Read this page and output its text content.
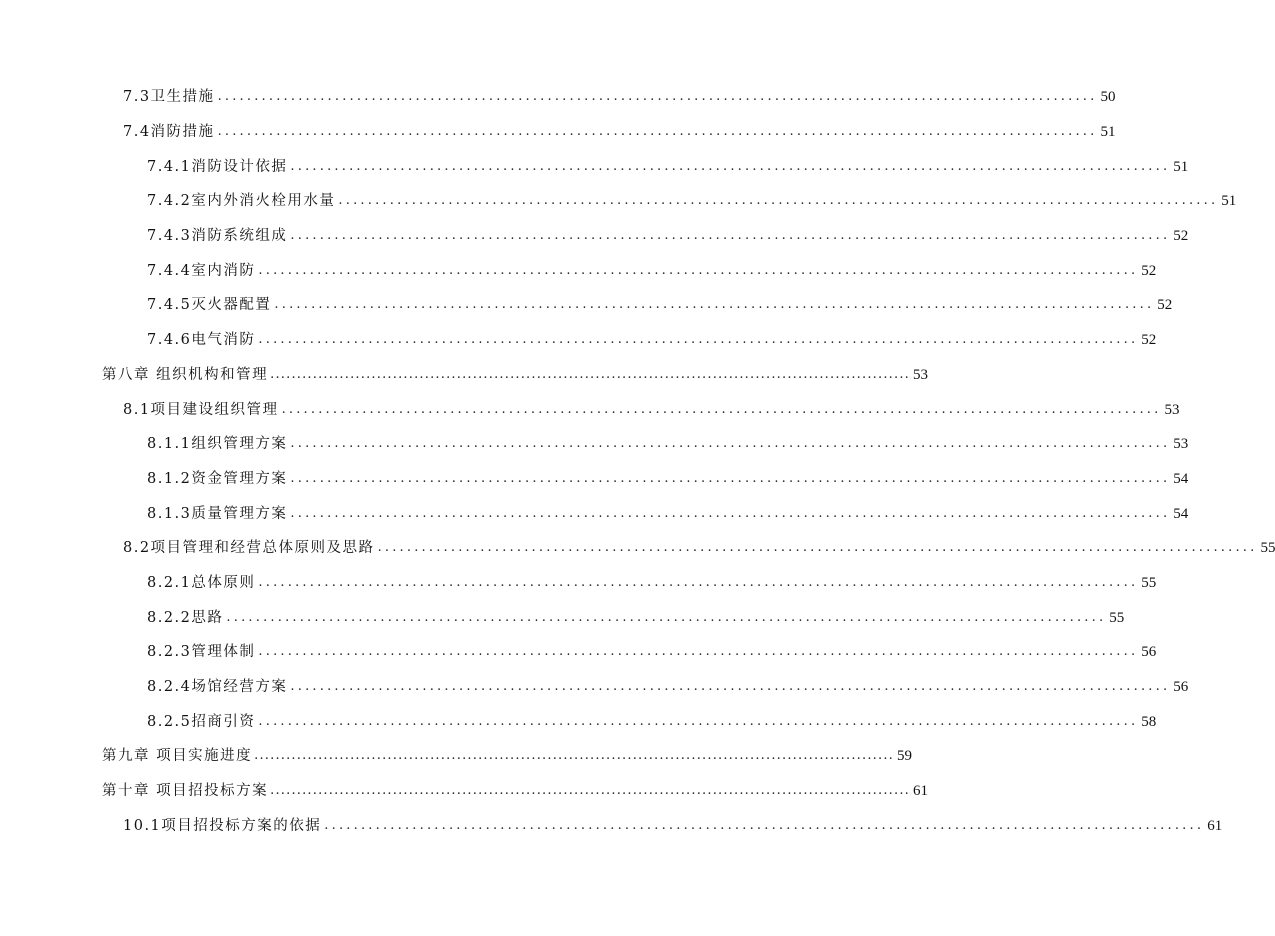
7.3卫生措施 ........................................................................................................................ 50
7.4消防措施 ........................................................................................................................ 51
7.4.1消防设计依据 ........................................................................................................................ 51
7.4.2室内外消火栓用水量 ........................................................................................................................ 51
7.4.3消防系统组成 ........................................................................................................................ 52
7.4.4室内消防 ........................................................................................................................ 52
7.4.5灭火器配置 ........................................................................................................................ 52
7.4.6电气消防 ........................................................................................................................ 52
第八章 组织机构和管理 ........................................................................................................................ 53
8.1项目建设组织管理 ........................................................................................................................ 53
8.1.1组织管理方案 ........................................................................................................................ 53
8.1.2资金管理方案 ........................................................................................................................ 54
8.1.3质量管理方案 ........................................................................................................................ 54
8.2项目管理和经营总体原则及思路 ........................................................................................................................ 55
8.2.1总体原则 ........................................................................................................................ 55
8.2.2思路 ........................................................................................................................ 55
8.2.3管理体制 ........................................................................................................................ 56
8.2.4场馆经营方案 ........................................................................................................................ 56
8.2.5招商引资 ........................................................................................................................ 58
第九章 项目实施进度 ........................................................................................................................ 59
第十章 项目招投标方案 ........................................................................................................................ 61
10.1项目招投标方案的依据 ........................................................................................................................ 61
